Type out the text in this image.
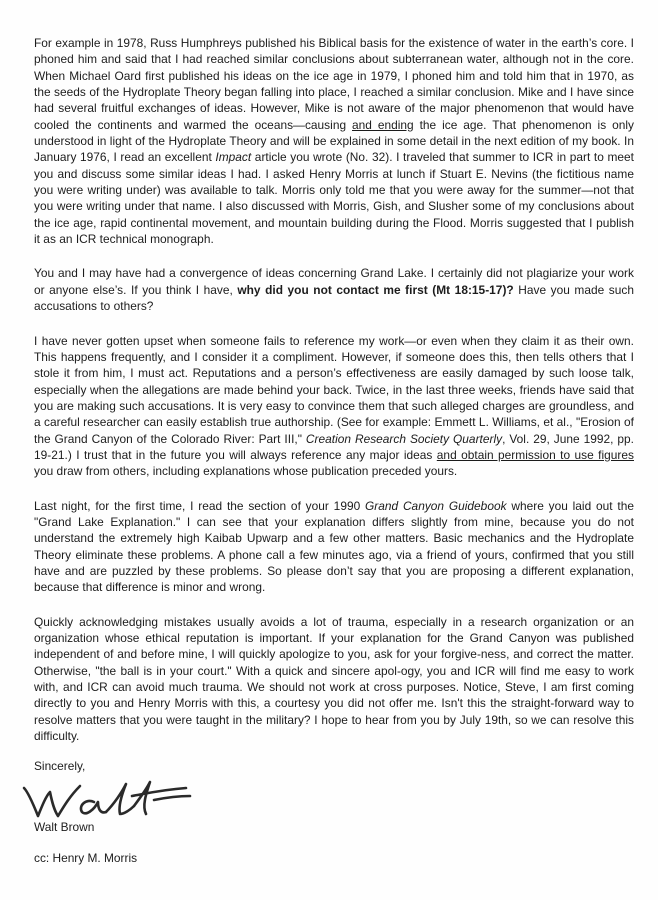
For example in 1978, Russ Humphreys published his Biblical basis for the existence of water in the earth’s core. I phoned him and said that I had reached similar conclusions about subterranean water, although not in the core. When Michael Oard first published his ideas on the ice age in 1979, I phoned him and told him that in 1970, as the seeds of the Hydroplate Theory began falling into place, I reached a similar conclusion. Mike and I have since had several fruitful exchanges of ideas. However, Mike is not aware of the major phenomenon that would have cooled the continents and warmed the oceans—causing and ending the ice age. That phenomenon is only understood in light of the Hydroplate Theory and will be explained in some detail in the next edition of my book. In January 1976, I read an excellent Impact article you wrote (No. 32). I traveled that summer to ICR in part to meet you and discuss some similar ideas I had. I asked Henry Morris at lunch if Stuart E. Nevins (the fictitious name you were writing under) was available to talk. Morris only told me that you were away for the summer—not that you were writing under that name. I also discussed with Morris, Gish, and Slusher some of my conclusions about the ice age, rapid continental movement, and mountain building during the Flood. Morris suggested that I publish it as an ICR technical monograph.

You and I may have had a convergence of ideas concerning Grand Lake. I certainly did not plagiarize your work or anyone else’s. If you think I have, why did you not contact me first (Mt 18:15-17)? Have you made such accusations to others?

I have never gotten upset when someone fails to reference my work—or even when they claim it as their own. This happens frequently, and I consider it a compliment. However, if someone does this, then tells others that I stole it from him, I must act. Reputations and a person’s effectiveness are easily damaged by such loose talk, especially when the allegations are made behind your back. Twice, in the last three weeks, friends have said that you are making such accusations. It is very easy to convince them that such alleged charges are groundless, and a careful researcher can easily establish true authorship. (See for example: Emmett L. Williams, et al., "Erosion of the Grand Canyon of the Colorado River: Part III," Creation Research Society Quarterly, Vol. 29, June 1992, pp. 19-21.) I trust that in the future you will always reference any major ideas and obtain permission to use figures you draw from others, including explanations whose publication preceded yours.

Last night, for the first time, I read the section of your 1990 Grand Canyon Guidebook where you laid out the "Grand Lake Explanation." I can see that your explanation differs slightly from mine, because you do not understand the extremely high Kaibab Upwarp and a few other matters. Basic mechanics and the Hydroplate Theory eliminate these problems. A phone call a few minutes ago, via a friend of yours, confirmed that you still have and are puzzled by these problems. So please don’t say that you are proposing a different explanation, because that difference is minor and wrong.

Quickly acknowledging mistakes usually avoids a lot of trauma, especially in a research organization or an organization whose ethical reputation is important. If your explanation for the Grand Canyon was published independent of and before mine, I will quickly apologize to you, ask for your forgive-ness, and correct the matter. Otherwise, "the ball is in your court." With a quick and sincere apol-ogy, you and ICR will find me easy to work with, and ICR can avoid much trauma. We should not work at cross purposes. Notice, Steve, I am first coming directly to you and Henry Morris with this, a courtesy you did not offer me. Isn't this the straight-forward way to resolve matters that you were taught in the military? I hope to hear from you by July 19th, so we can resolve this difficulty.

Sincerely,
Walt Brown
cc: Henry M. Morris
